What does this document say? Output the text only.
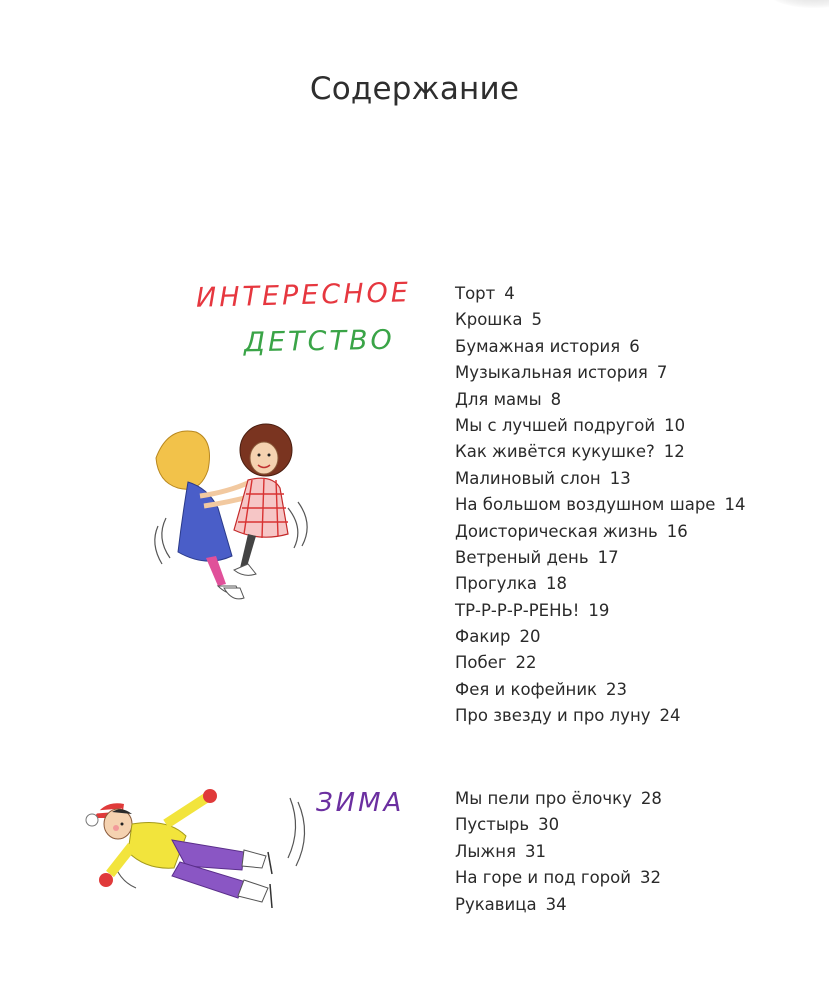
Содержание
ИНТЕРЕСНОЕ
ДЕТСТВО
Торт 4
Крошка 5
Бумажная история 6
Музыкальная история 7
Для мамы 8
Мы с лучшей подругой 10
Как живётся кукушке? 12
Малиновый слон 13
На большом воздушном шаре 14
Доисторическая жизнь 16
Ветреный день 17
Прогулка 18
ТР-Р-Р-Р-РЕНЬ! 19
Факир 20
Побег 22
Фея и кофейник 23
Про звезду и про луну 24
ЗИМА	Мы пели про ёлочку 28
Пустырь 30
Лыжня 31
На горе и под горой 32
Рукавица 34
